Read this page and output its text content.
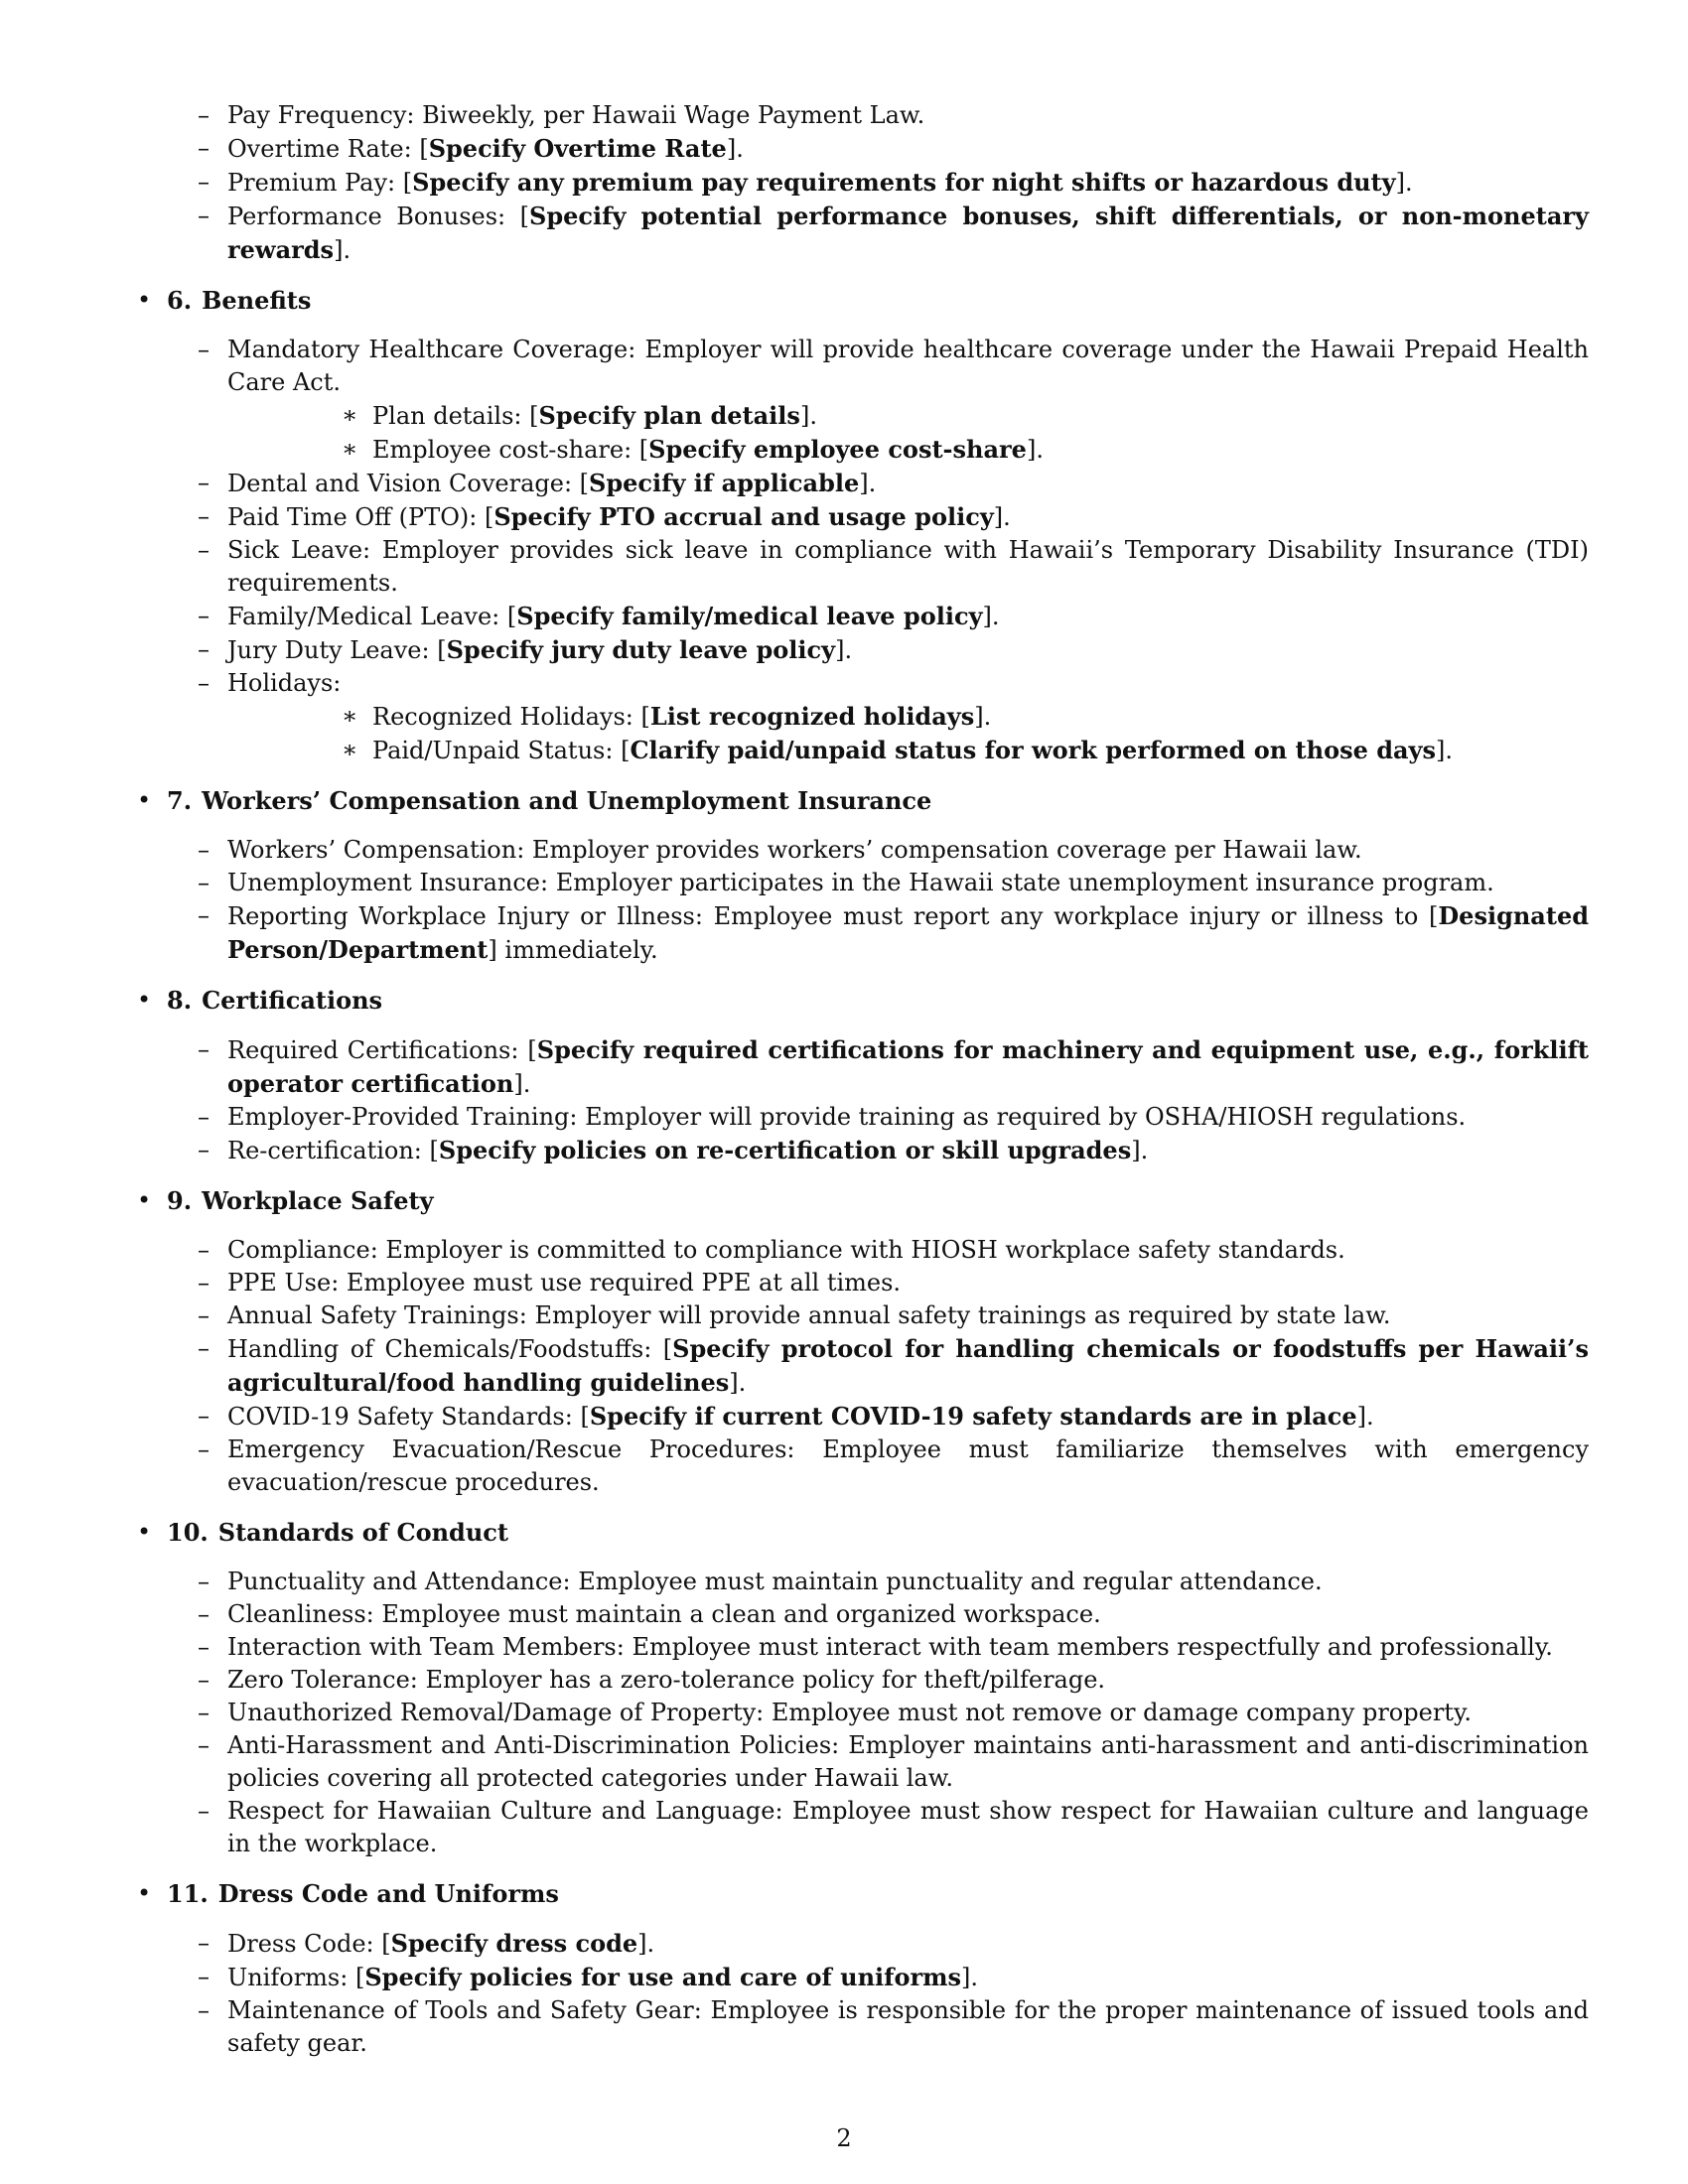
– Pay Frequency: Biweekly, per Hawaii Wage Payment Law.
– Overtime Rate: [Specify Overtime Rate].
– Premium Pay: [Specify any premium pay requirements for night shifts or hazardous duty].
– Performance Bonuses: [Specify potential performance bonuses, shift differentials, or non-monetary rewards].
• 6. Benefits
– Mandatory Healthcare Coverage: Employer will provide healthcare coverage under the Hawaii Prepaid Health Care Act.
∗ Plan details: [Specify plan details].
∗ Employee cost-share: [Specify employee cost-share].
– Dental and Vision Coverage: [Specify if applicable].
– Paid Time Off (PTO): [Specify PTO accrual and usage policy].
– Sick Leave: Employer provides sick leave in compliance with Hawaii’s Temporary Disability Insurance (TDI) requirements.
– Family/Medical Leave: [Specify family/medical leave policy].
– Jury Duty Leave: [Specify jury duty leave policy].
– Holidays:
∗ Recognized Holidays: [List recognized holidays].
∗ Paid/Unpaid Status: [Clarify paid/unpaid status for work performed on those days].
• 7. Workers’ Compensation and Unemployment Insurance
– Workers’ Compensation: Employer provides workers’ compensation coverage per Hawaii law.
– Unemployment Insurance: Employer participates in the Hawaii state unemployment insurance program.
– Reporting Workplace Injury or Illness: Employee must report any workplace injury or illness to [Designated Person/Department] immediately.
• 8. Certifications
– Required Certifications: [Specify required certifications for machinery and equipment use, e.g., forklift operator certification].
– Employer-Provided Training: Employer will provide training as required by OSHA/HIOSH regulations.
– Re-certification: [Specify policies on re-certification or skill upgrades].
• 9. Workplace Safety
– Compliance: Employer is committed to compliance with HIOSH workplace safety standards.
– PPE Use: Employee must use required PPE at all times.
– Annual Safety Trainings: Employer will provide annual safety trainings as required by state law.
– Handling of Chemicals/Foodstuffs: [Specify protocol for handling chemicals or foodstuffs per Hawaii’s agricultural/food handling guidelines].
– COVID-19 Safety Standards: [Specify if current COVID-19 safety standards are in place].
– Emergency Evacuation/Rescue Procedures: Employee must familiarize themselves with emergency evacuation/rescue procedures.
• 10. Standards of Conduct
– Punctuality and Attendance: Employee must maintain punctuality and regular attendance.
– Cleanliness: Employee must maintain a clean and organized workspace.
– Interaction with Team Members: Employee must interact with team members respectfully and professionally.
– Zero Tolerance: Employer has a zero-tolerance policy for theft/pilferage.
– Unauthorized Removal/Damage of Property: Employee must not remove or damage company property.
– Anti-Harassment and Anti-Discrimination Policies: Employer maintains anti-harassment and anti-discrimination policies covering all protected categories under Hawaii law.
– Respect for Hawaiian Culture and Language: Employee must show respect for Hawaiian culture and language in the workplace.
• 11. Dress Code and Uniforms
– Dress Code: [Specify dress code].
– Uniforms: [Specify policies for use and care of uniforms].
– Maintenance of Tools and Safety Gear: Employee is responsible for the proper maintenance of issued tools and safety gear.
2
